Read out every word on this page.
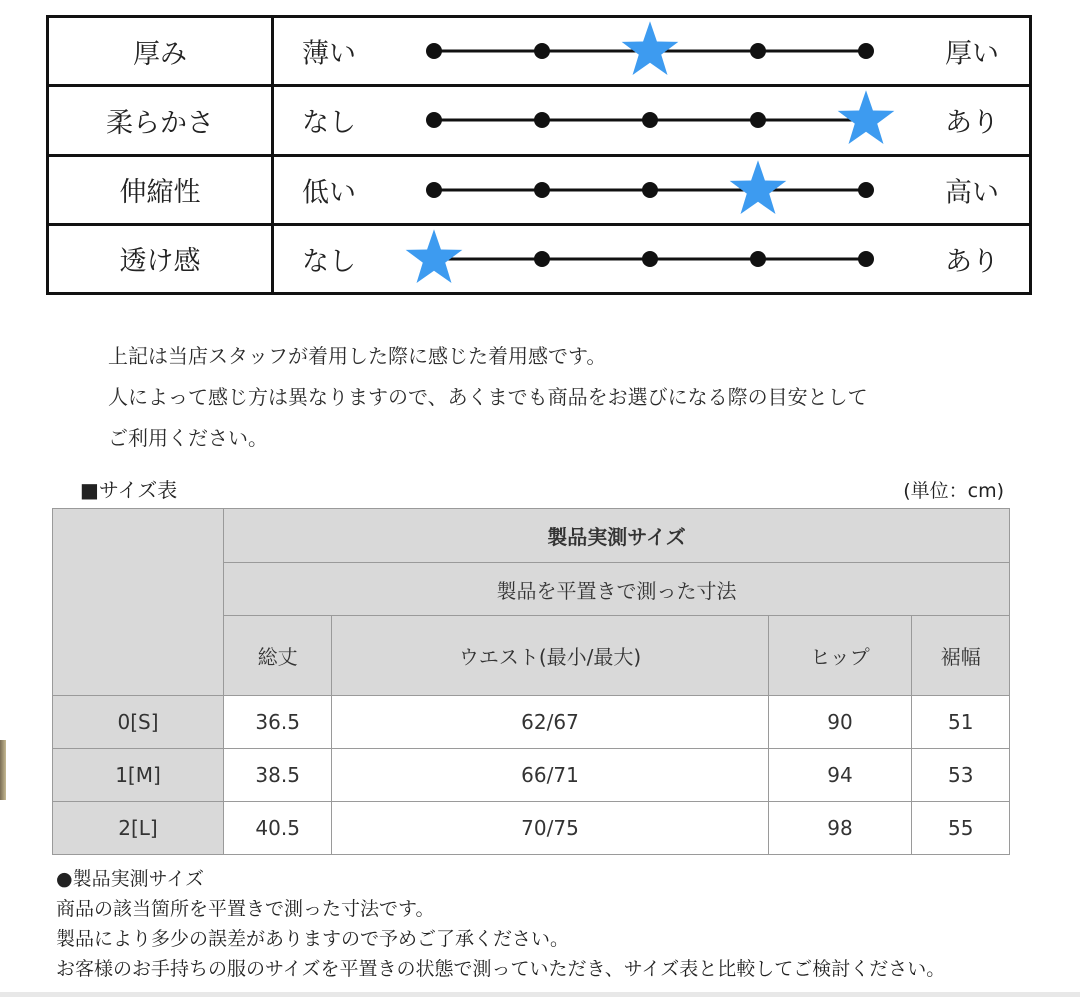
厚み	薄い 厚い

柔らかさ	なし あり

伸縮性	低い 高い

透け感	なし あり
上記は当店スタッフが着用した際に感じた着用感です。
人によって感じ方は異なりますので、あくまでも商品をお選びになる際の目安として
ご利用ください。
■サイズ表	(単位：cm)
	製品実測サイズ			
	製品を平置きで測った寸法			
	総丈	ウエスト(最小/最大)	ヒップ	裾幅
0[S]	36.5	62/67	90	51
1[M]	38.5	66/71	94	53
2[L]	40.5	70/75	98	55
●製品実測サイズ
商品の該当箇所を平置きで測った寸法です。
製品により多少の誤差がありますので予めご了承ください。
お客様のお手持ちの服のサイズを平置きの状態で測っていただき、サイズ表と比較してご検討ください。
